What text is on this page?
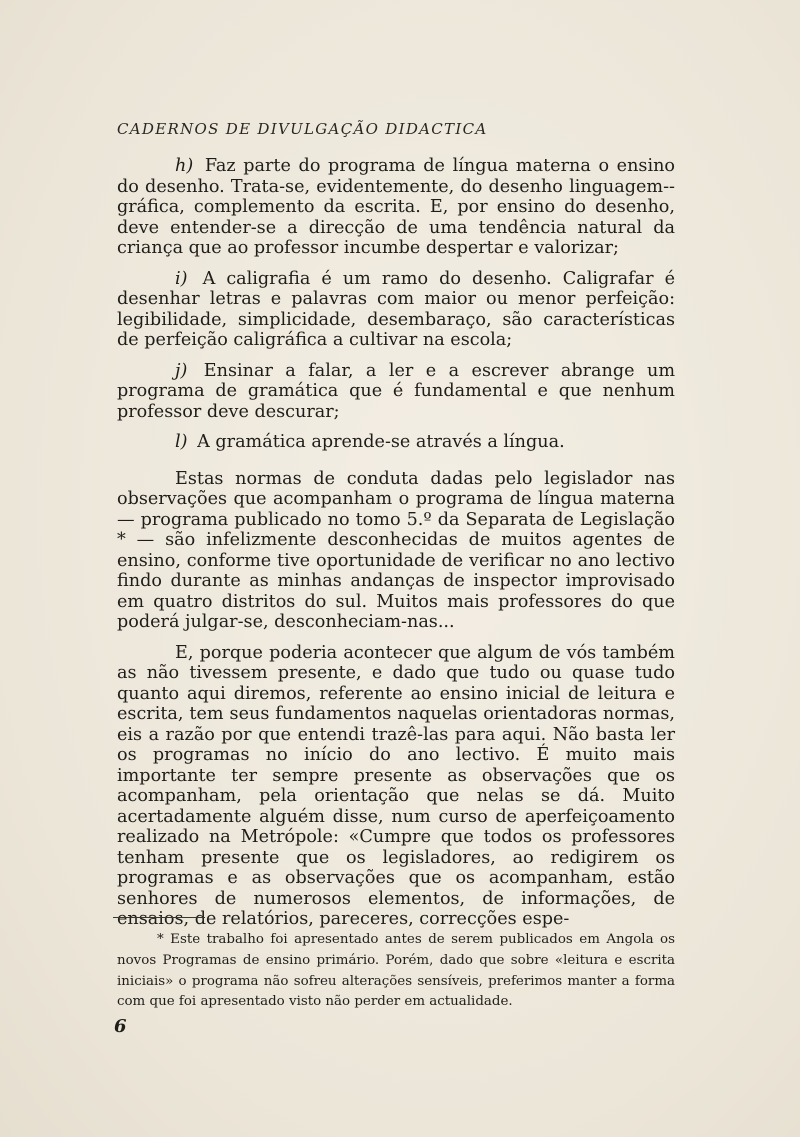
CADERNOS DE DIVULGAÇÃO DIDACTICA

h) Faz parte do programa de língua materna o ensino do desenho. Trata-se, evidentemente, do desenho linguagem--gráfica, complemento da escrita. E, por ensino do desenho, deve entender-se a direcção de uma tendência natural da criança que ao professor incumbe despertar e valorizar;

i) A caligrafia é um ramo do desenho. Caligrafar é desenhar letras e palavras com maior ou menor perfeição: legibilidade, simplicidade, desembaraço, são características de perfeição caligráfica a cultivar na escola;

j) Ensinar a falar, a ler e a escrever abrange um programa de gramática que é fundamental e que nenhum professor deve descurar;

l) A gramática aprende-se através a língua.

Estas normas de conduta dadas pelo legislador nas observações que acompanham o programa de língua materna — programa publicado no tomo 5.º da Separata de Legislação * — são infelizmente desconhecidas de muitos agentes de ensino, conforme tive oportunidade de verificar no ano lectivo findo durante as minhas andanças de inspector improvisado em quatro distritos do sul. Muitos mais professores do que poderá julgar-se, desconheciam-nas...

E, porque poderia acontecer que algum de vós também as não tivessem presente, e dado que tudo ou quase tudo quanto aqui diremos, referente ao ensino inicial de leitura e escrita, tem seus fundamentos naquelas orientadoras normas, eis a razão por que entendi trazê-las para aqui. Não basta ler os programas no início do ano lectivo. É muito mais importante ter sempre presente as observações que os acompanham, pela orientação que nelas se dá. Muito acertadamente alguém disse, num curso de aperfeiçoamento realizado na Metrópole: «Cumpre que todos os professores tenham presente que os legisladores, ao redigirem os programas e as observações que os acompanham, estão senhores de numerosos elementos, de informações, de ensaios, de relatórios, pareceres, correcções espe-

* Este trabalho foi apresentado antes de serem publicados em Angola os novos Programas de ensino primário. Porém, dado que sobre «leitura e escrita iniciais» o programa não sofreu alterações sensíveis, preferimos manter a forma com que foi apresentado visto não perder em actualidade.

6
